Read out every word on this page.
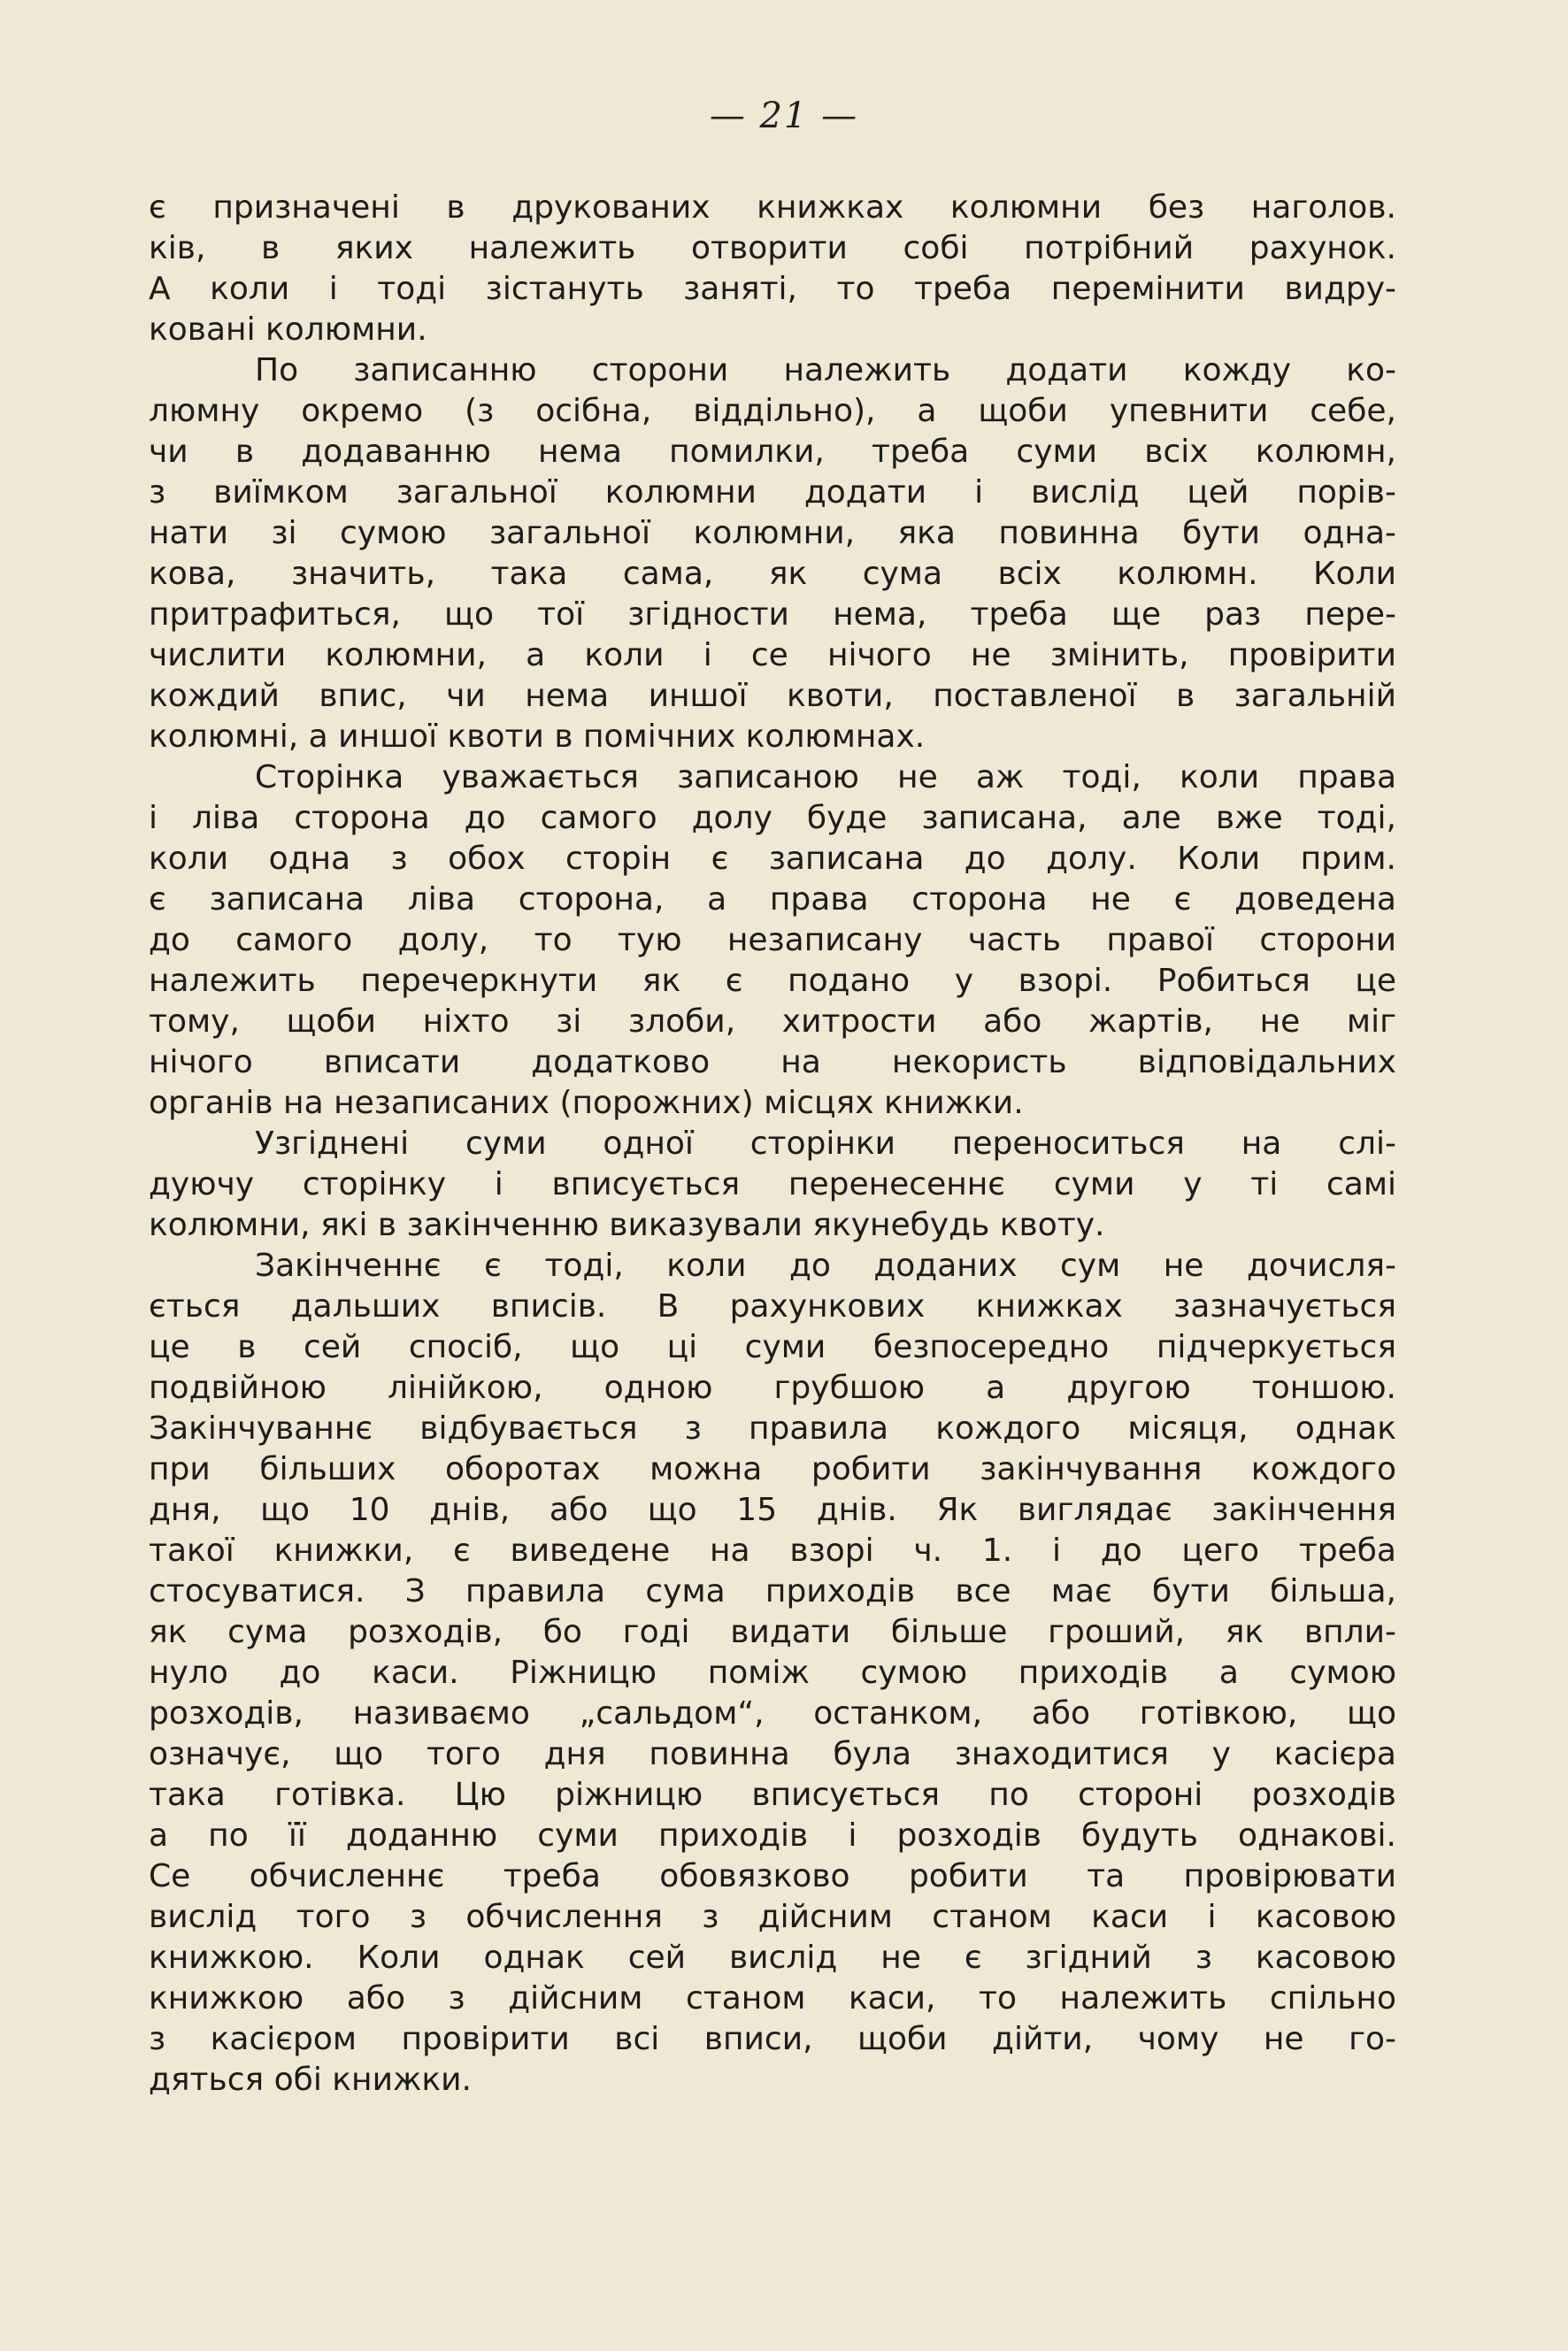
— 21 —
є призначені в друкованих книжках колюмни без наголов.
ків, в яких належить отворити собі потрібний рахунок.
А коли і тоді зістануть заняті, то треба перемінити видру-
ковані колюмни.
По записанню сторони належить додати кожду ко-
люмну окремо (з осібна, віддільно), а щоби упевнити себе,
чи в додаванню нема помилки, треба суми всіх колюмн,
з виїмком загальної колюмни додати і вислід цей порів-
нати зі сумою загальної колюмни, яка повинна бути одна-
кова, значить, така сама, як сума всіх колюмн. Коли
притрафиться, що тої згідности нема, треба ще раз пере-
числити колюмни, а коли і се нічого не змінить, провірити
кождий впис, чи нема иншої квоти, поставленої в загальній
колюмні, а иншої квоти в помічних колюмнах.
Сторінка уважається записаною не аж тоді, коли права
і ліва сторона до самого долу буде записана, але вже тоді,
коли одна з обох сторін є записана до долу. Коли прим.
є записана ліва сторона, а права сторона не є доведена
до самого долу, то тую незаписану часть правої сторони
належить перечеркнути як є подано у взорі. Робиться це
тому, щоби ніхто зі злоби, хитрости або жартів, не міг
нічого вписати додатково на некористь відповідальних
органів на незаписаних (порожних) місцях книжки.
Узгіднені суми одної сторінки переноситься на слі-
дуючу сторінку і вписується перенесеннє суми у ті самі
колюмни, які в закінченню виказували якунебудь квоту.
Закінченнє є тоді, коли до доданих сум не дочисля-
ється дальших вписів. В рахункових книжках зазначується
це в сей спосіб, що ці суми безпосередно підчеркується
подвійною лінійкою, одною грубшою а другою тоншою.
Закінчуваннє відбувається з правила кождого місяця, однак
при більших оборотах можна робити закінчування кождого
дня, що 10 днів, або що 15 днів. Як виглядає закінчення
такої книжки, є виведене на взорі ч. 1. і до цего треба
стосуватися. З правила сума приходів все має бути більша,
як сума розходів, бо годі видати більше гроший, як впли-
нуло до каси. Ріжницю поміж сумою приходів а сумою
розходів, називаємо „сальдом“, останком, або готівкою, що
означує, що того дня повинна була знаходитися у касієра
така готівка. Цю ріжницю вписується по стороні розходів
а по її доданню суми приходів і розходів будуть однакові.
Се обчисленнє треба обовязково робити та провірювати
вислід того з обчислення з дійсним станом каси і касовою
книжкою. Коли однак сей вислід не є згідний з касовою
книжкою або з дійсним станом каси, то належить спільно
з касієром провірити всі вписи, щоби дійти, чому не го-
дяться обі книжки.
